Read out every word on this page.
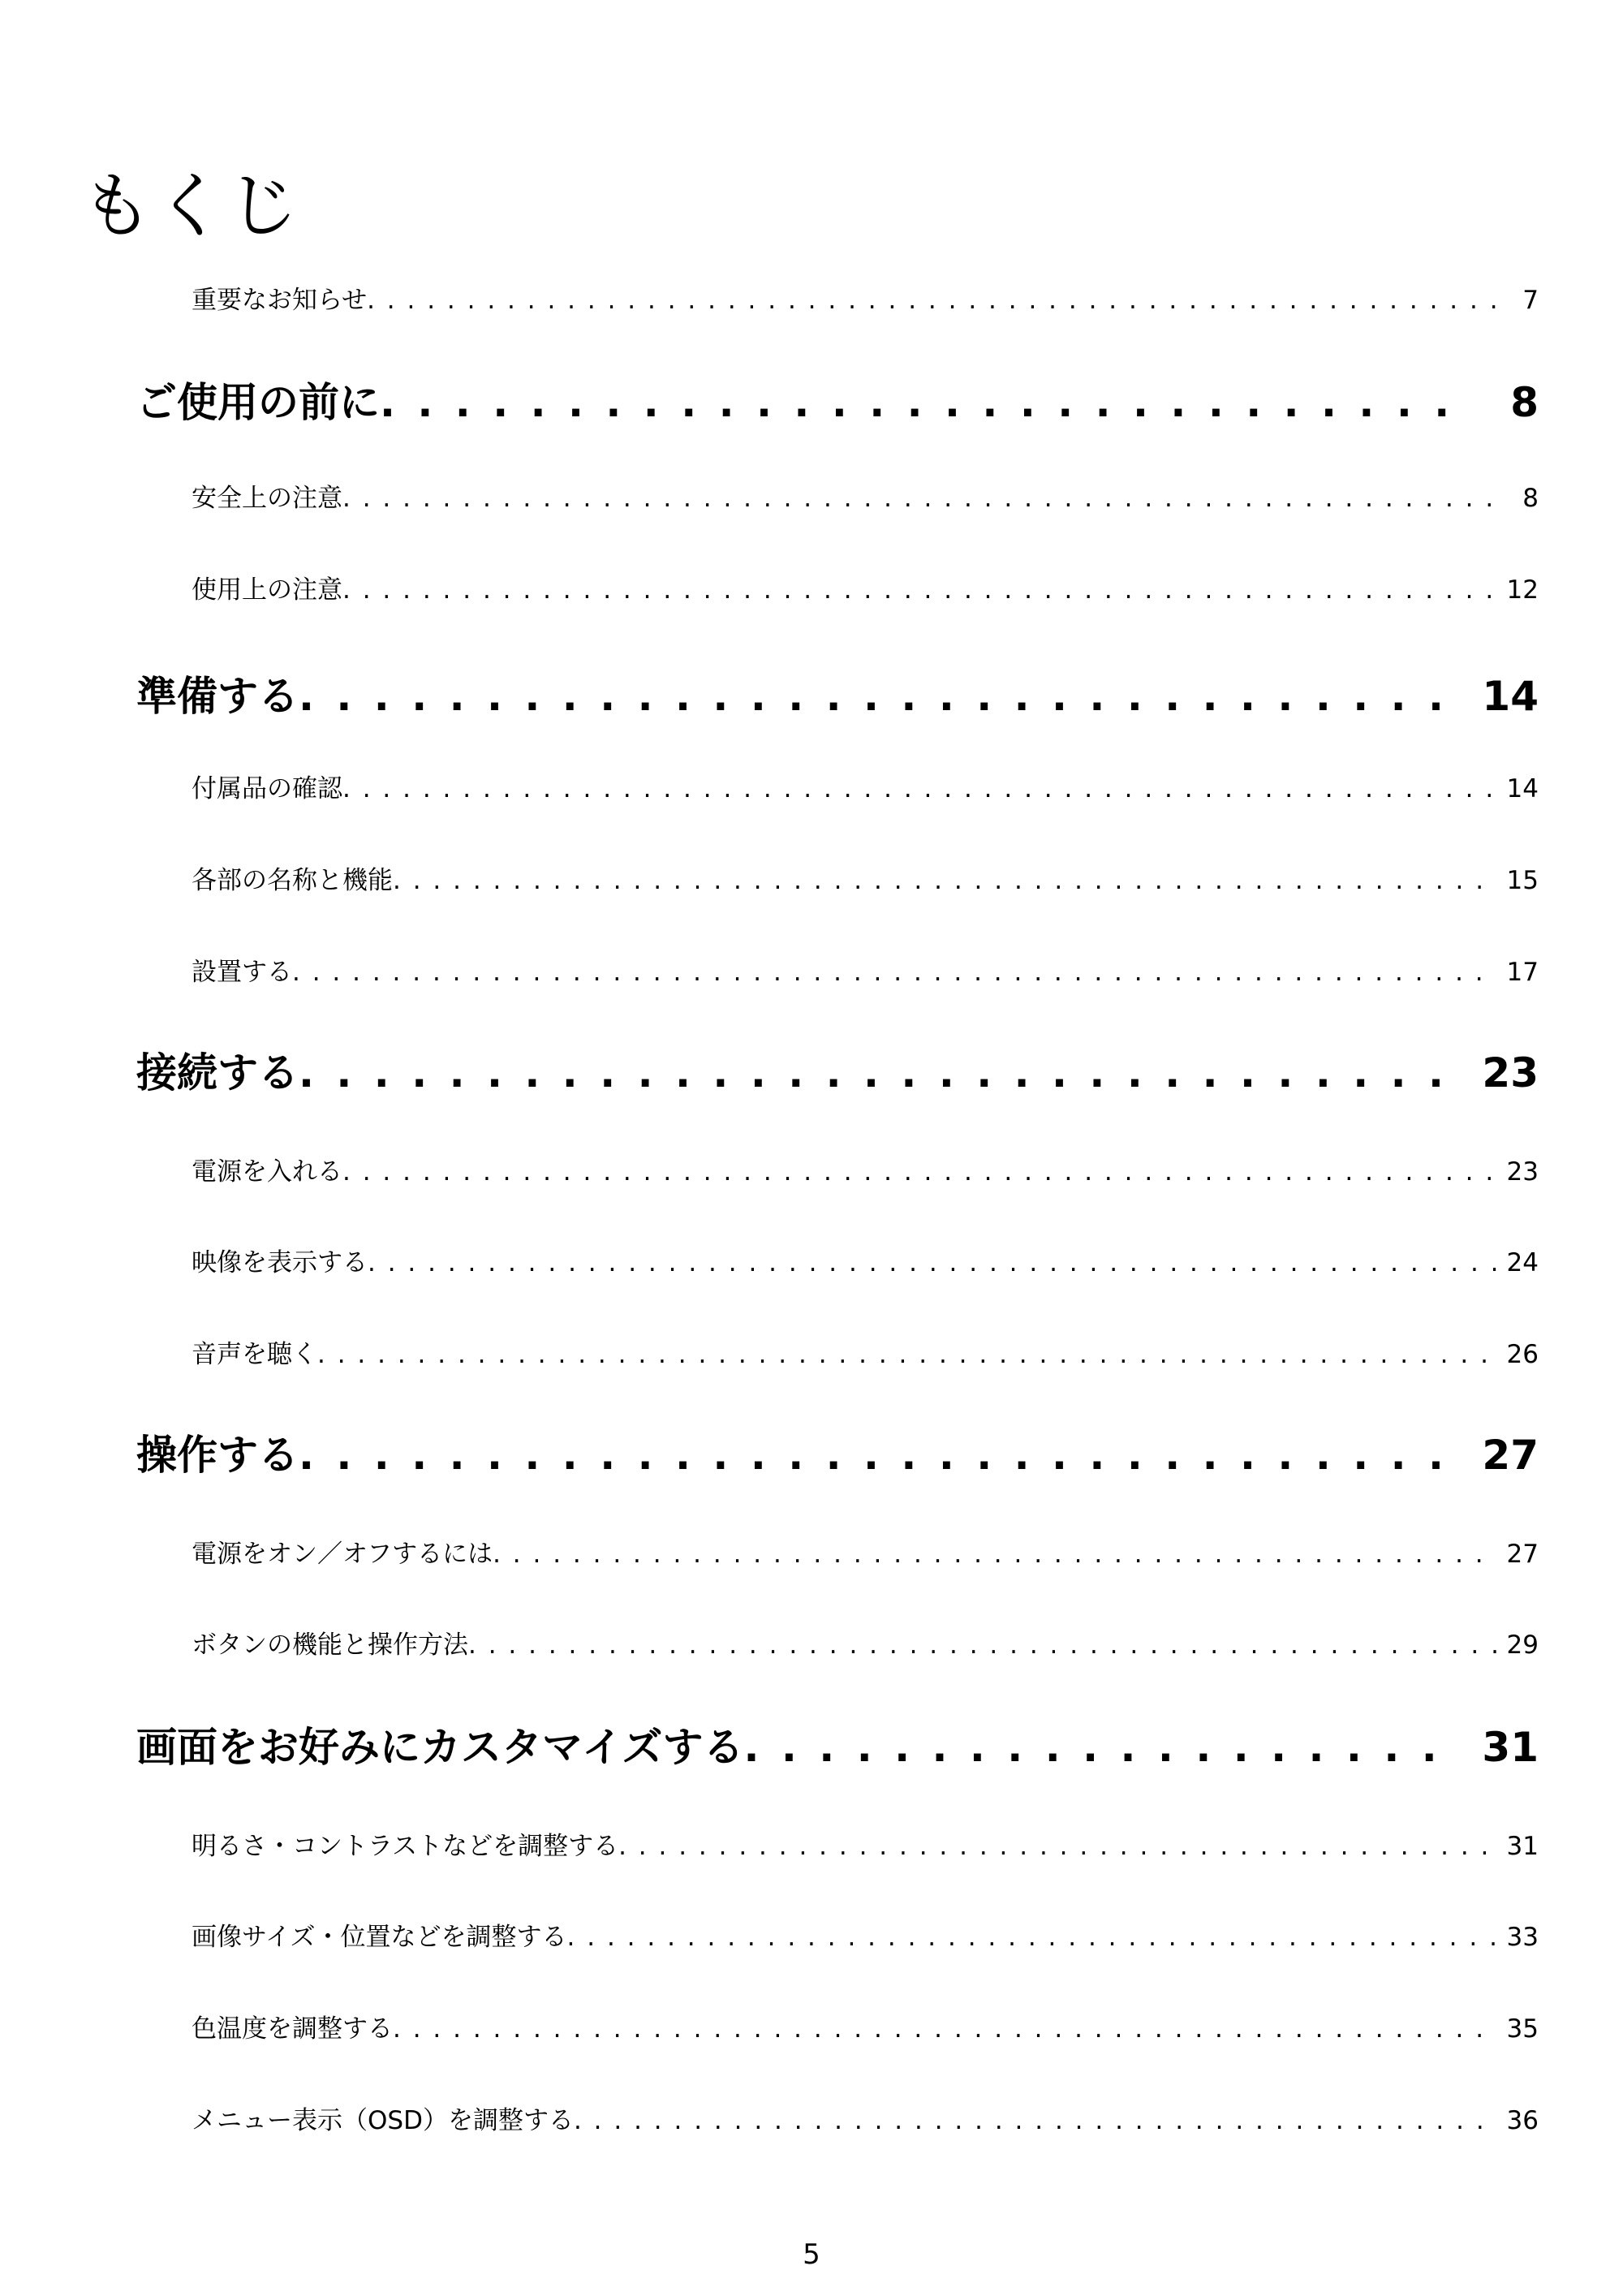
もくじ
重要なお知らせ . . .	7
ご使用の前に . . .	8
安全上の注意 . . .	8
使用上の注意 . . .	12
準備する . . .	14
付属品の確認 . . .	14
各部の名称と機能 . . .	15
設置する . . .	17
接続する . . .	23
電源を入れる . . .	23
映像を表示する . . .	24
音声を聴く . . .	26
操作する . . .	27
電源をオン／オフするには . . .	27
ボタンの機能と操作方法 . . .	29
画面をお好みにカスタマイズする . . .	31
明るさ・コントラストなどを調整する . . .	31
画像サイズ・位置などを調整する . . .	33
色温度を調整する . . .	35
メニュー表示（OSD）を調整する . . .	36
5
